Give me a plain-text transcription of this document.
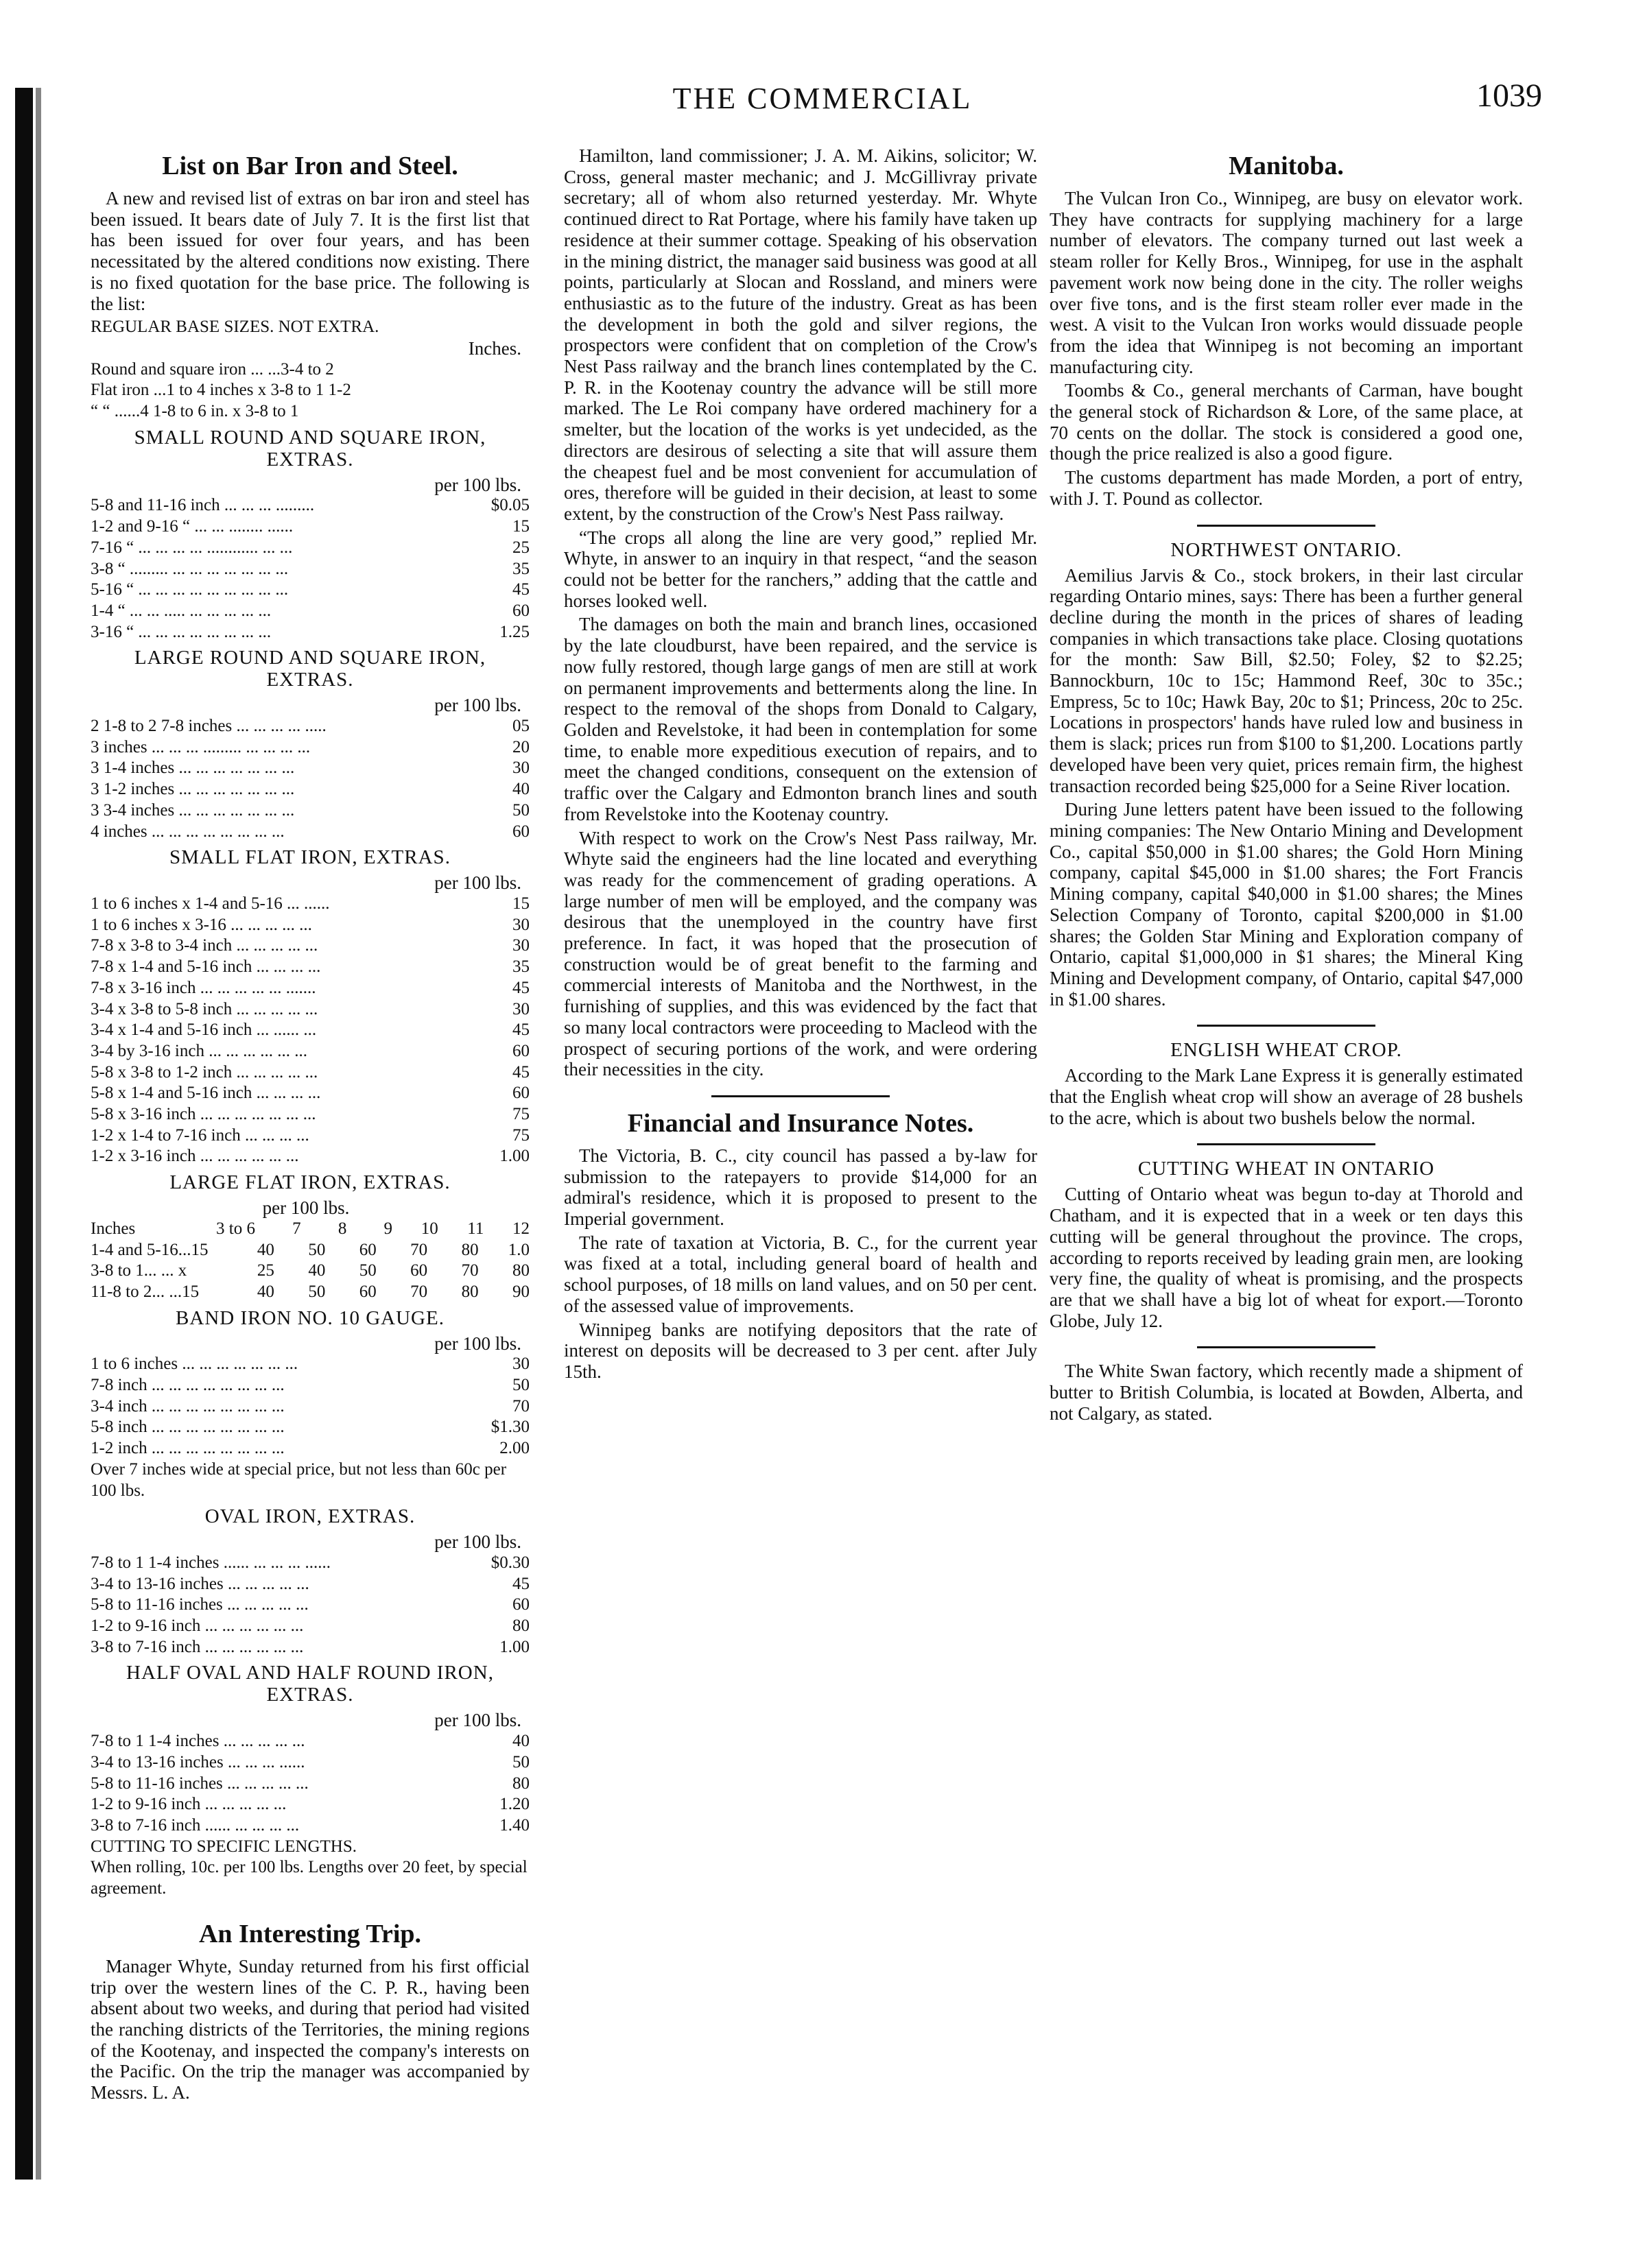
THE COMMERCIAL	1039
List on Bar Iron and Steel.

A new and revised list of extras on bar iron and steel has been issued. It bears date of July 7. It is the first list that has been issued for over four years, and has been necessitated by the altered conditions now existing. There is no fixed quotation for the base price. The following is the list:

REGULAR BASE SIZES. NOT EXTRA.
Inches.
Round and square iron ... ...3-4 to 2
Flat iron ...1 to 4 inches x 3-8 to 1 1-2
“ “ ......4 1-8 to 6 in. x 3-8 to 1
SMALL ROUND AND SQUARE IRON, EXTRAS.
per 100 lbs.
5-8 and 11-16 inch ... ... ... .........	$0.05
1-2 and 9-16 “ ... ... ........ ......	15
7-16 “ ... ... ... ... ............ ... ...	25
3-8 “ ......... ... ... ... ... ... ... ...	35
5-16 “ ... ... ... ... ... ... ... ... ...	45
1-4 “ ... ... ..... ... ... ... ... ...	60
3-16 “ ... ... ... ... ... ... ... ...	1.25
LARGE ROUND AND SQUARE IRON, EXTRAS.
per 100 lbs.
2 1-8 to 2 7-8 inches ... ... ... ... .....	05
3 inches ... ... ... ......... ... ... ... ...	20
3 1-4 inches ... ... ... ... ... ... ...	30
3 1-2 inches ... ... ... ... ... ... ...	40
3 3-4 inches ... ... ... ... ... ... ...	50
4 inches ... ... ... ... ... ... ... ...	60
SMALL FLAT IRON, EXTRAS.
per 100 lbs.
1 to 6 inches x 1-4 and 5-16 ... ......	15
1 to 6 inches x 3-16 ... ... ... ... ...	30
7-8 x 3-8 to 3-4 inch ... ... ... ... ...	30
7-8 x 1-4 and 5-16 inch ... ... ... ...	35
7-8 x 3-16 inch ... ... ... ... ... .......	45
3-4 x 3-8 to 5-8 inch ... ... ... ... ...	30
3-4 x 1-4 and 5-16 inch ... ...... ...	45
3-4 by 3-16 inch ... ... ... ... ... ...	60
5-8 x 3-8 to 1-2 inch ... ... ... ... ...	45
5-8 x 1-4 and 5-16 inch ... ... ... ...	60
5-8 x 3-16 inch ... ... ... ... ... ... ...	75
1-2 x 1-4 to 7-16 inch ... ... ... ...	75
1-2 x 3-16 inch ... ... ... ... ... ...	1.00
LARGE FLAT IRON, EXTRAS.
per 100 lbs.
Inches	3 to 6	7	8	9	10	11	12
1-4 and 5-16...15	40	50	60	70	80	1.0
3-8 to 1... ... x	25	40	50	60	70	80
11-8 to 2... ...15	40	50	60	70	80	90
BAND IRON NO. 10 GAUGE.
per 100 lbs.
1 to 6 inches ... ... ... ... ... ... ...	30
7-8 inch ... ... ... ... ... ... ... ...	50
3-4 inch ... ... ... ... ... ... ... ...	70
5-8 inch ... ... ... ... ... ... ... ...	$1.30
1-2 inch ... ... ... ... ... ... ... ...	2.00
Over 7 inches wide at special price, but not less than 60c per 100 lbs.
OVAL IRON, EXTRAS.
per 100 lbs.
7-8 to 1 1-4 inches ...... ... ... ... ......	$0.30
3-4 to 13-16 inches ... ... ... ... ...	45
5-8 to 11-16 inches ... ... ... ... ...	60
1-2 to 9-16 inch ... ... ... ... ... ...	80
3-8 to 7-16 inch ... ... ... ... ... ...	1.00
HALF OVAL AND HALF ROUND IRON, EXTRAS.
per 100 lbs.
7-8 to 1 1-4 inches ... ... ... ... ...	40
3-4 to 13-16 inches ... ... ... ......	50
5-8 to 11-16 inches ... ... ... ... ...	80
1-2 to 9-16 inch ... ... ... ... ...	1.20
3-8 to 7-16 inch ...... ... ... ... ...	1.40
CUTTING TO SPECIFIC LENGTHS.
When rolling, 10c. per 100 lbs. Lengths over 20 feet, by special agreement.
An Interesting Trip.

Manager Whyte, Sunday returned from his first official trip over the western lines of the C. P. R., having been absent about two weeks, and during that period had visited the ranching districts of the Territories, the mining regions of the Kootenay, and inspected the company's interests on the Pacific. On the trip the manager was accompanied by Messrs. L. A.

Hamilton, land commissioner; J. A. M. Aikins, solicitor; W. Cross, general master mechanic; and J. McGillivray private secretary; all of whom also returned yesterday. Mr. Whyte continued direct to Rat Portage, where his family have taken up residence at their summer cottage. Speaking of his observation in the mining district, the manager said business was good at all points, particularly at Slocan and Rossland, and miners were enthusiastic as to the future of the industry. Great as has been the development in both the gold and silver regions, the prospectors were confident that on completion of the Crow's Nest Pass railway and the branch lines contemplated by the C. P. R. in the Kootenay country the advance will be still more marked. The Le Roi company have ordered machinery for a smelter, but the location of the works is yet undecided, as the directors are desirous of selecting a site that will assure them the cheapest fuel and be most convenient for accumulation of ores, therefore will be guided in their decision, at least to some extent, by the construction of the Crow's Nest Pass railway.

“The crops all along the line are very good,” replied Mr. Whyte, in answer to an inquiry in that respect, “and the season could not be better for the ranchers,” adding that the cattle and horses looked well.

The damages on both the main and branch lines, occasioned by the late cloudburst, have been repaired, and the service is now fully restored, though large gangs of men are still at work on permanent improvements and betterments along the line. In respect to the removal of the shops from Donald to Calgary, Golden and Revelstoke, it had been in contemplation for some time, to enable more expeditious execution of repairs, and to meet the changed conditions, consequent on the extension of traffic over the Calgary and Edmonton branch lines and south from Revelstoke into the Kootenay country.

With respect to work on the Crow's Nest Pass railway, Mr. Whyte said the engineers had the line located and everything was ready for the commencement of grading operations. A large number of men will be employed, and the company was desirous that the unemployed in the country have first preference. In fact, it was hoped that the prosecution of construction would be of great benefit to the farming and commercial interests of Manitoba and the Northwest, in the furnishing of supplies, and this was evidenced by the fact that so many local contractors were proceeding to Macleod with the prospect of securing portions of the work, and were ordering their necessities in the city.

Financial and Insurance Notes.

The Victoria, B. C., city council has passed a by-law for submission to the ratepayers to provide $14,000 for an admiral's residence, which it is proposed to present to the Imperial government.

The rate of taxation at Victoria, B. C., for the current year was fixed at a total, including general board of health and school purposes, of 18 mills on land values, and on 50 per cent. of the assessed value of improvements.

Winnipeg banks are notifying depositors that the rate of interest on deposits will be decreased to 3 per cent. after July 15th.

Manitoba.

The Vulcan Iron Co., Winnipeg, are busy on elevator work. They have contracts for supplying machinery for a large number of elevators. The company turned out last week a steam roller for Kelly Bros., Winnipeg, for use in the asphalt pavement work now being done in the city. The roller weighs over five tons, and is the first steam roller ever made in the west. A visit to the Vulcan Iron works would dissuade people from the idea that Winnipeg is not becoming an important manufacturing city.

Toombs & Co., general merchants of Carman, have bought the general stock of Richardson & Lore, of the same place, at 70 cents on the dollar. The stock is considered a good one, though the price realized is also a good figure.

The customs department has made Morden, a port of entry, with J. T. Pound as collector.

NORTHWEST ONTARIO.

Aemilius Jarvis & Co., stock brokers, in their last circular regarding Ontario mines, says: There has been a further general decline during the month in the prices of shares of leading companies in which transactions take place. Closing quotations for the month: Saw Bill, $2.50; Foley, $2 to $2.25; Bannockburn, 10c to 15c; Hammond Reef, 30c to 35c.; Empress, 5c to 10c; Hawk Bay, 20c to $1; Princess, 20c to 25c. Locations in prospectors' hands have ruled low and business in them is slack; prices run from $100 to $1,200. Locations partly developed have been very quiet, prices remain firm, the highest transaction recorded being $25,000 for a Seine River location.

During June letters patent have been issued to the following mining companies: The New Ontario Mining and Development Co., capital $50,000 in $1.00 shares; the Gold Horn Mining company, capital $45,000 in $1.00 shares; the Fort Francis Mining company, capital $40,000 in $1.00 shares; the Mines Selection Company of Toronto, capital $200,000 in $1.00 shares; the Golden Star Mining and Exploration company of Ontario, capital $1,000,000 in $1 shares; the Mineral King Mining and Development company, of Ontario, capital $47,000 in $1.00 shares.

ENGLISH WHEAT CROP.

According to the Mark Lane Express it is generally estimated that the English wheat crop will show an average of 28 bushels to the acre, which is about two bushels below the normal.

CUTTING WHEAT IN ONTARIO

Cutting of Ontario wheat was begun to-day at Thorold and Chatham, and it is expected that in a week or ten days this cutting will be general throughout the province. The crops, according to reports received by leading grain men, are looking very fine, the quality of wheat is promising, and the prospects are that we shall have a big lot of wheat for export.—Toronto Globe, July 12.

The White Swan factory, which recently made a shipment of butter to British Columbia, is located at Bowden, Alberta, and not Calgary, as stated.
